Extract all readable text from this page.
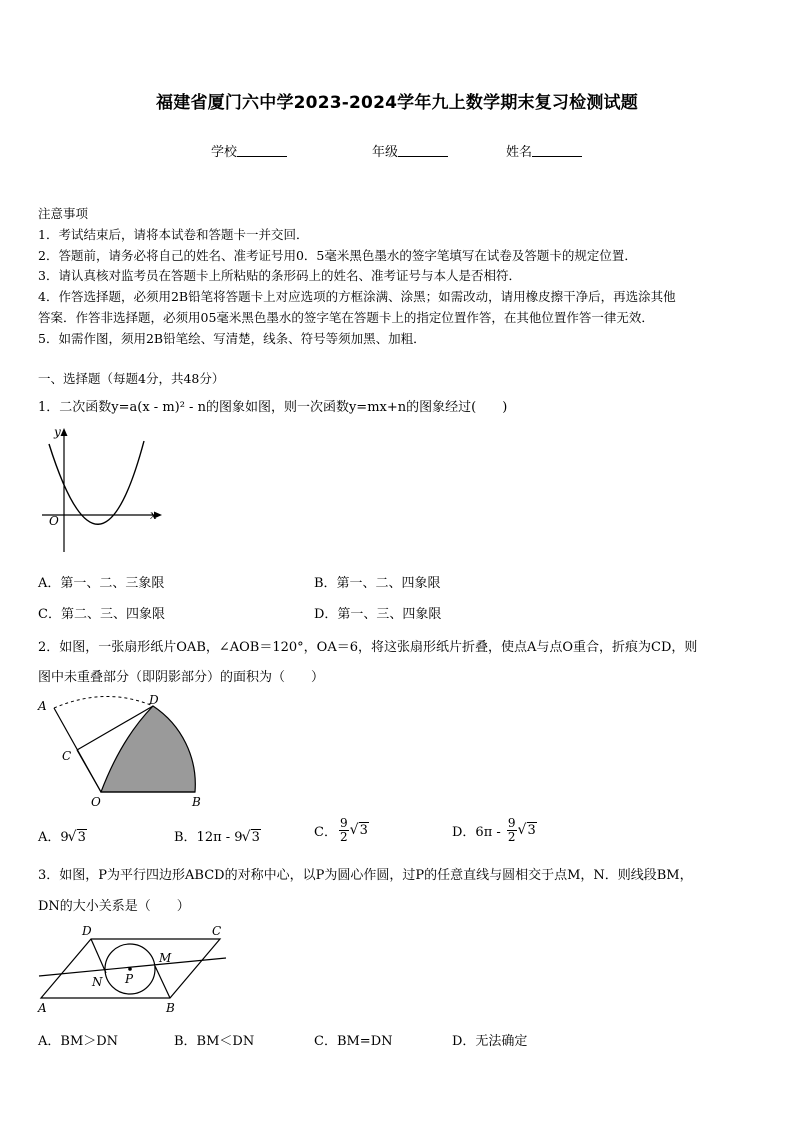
福建省厦门六中学2023-2024学年九上数学期末复习检测试题
学校	年级	姓名
注意事项
1．考试结束后，请将本试卷和答题卡一并交回．
2．答题前，请务必将自己的姓名、准考证号用0．5毫米黑色墨水的签字笔填写在试卷及答题卡的规定位置．
3．请认真核对监考员在答题卡上所粘贴的条形码上的姓名、准考证号与本人是否相符．
4．作答选择题，必须用2B铅笔将答题卡上对应选项的方框涂满、涂黑；如需改动，请用橡皮擦干净后，再选涂其他
答案．作答非选择题，必须用05毫米黑色墨水的签字笔在答题卡上的指定位置作答，在其他位置作答一律无效．
5．如需作图，须用2B铅笔绘、写清楚，线条、符号等须加黑、加粗．
一、选择题（每题4分，共48分）
1．二次函数y=a(x - m)² - n的图象如图，则一次函数y=mx+n的图象经过(　　)
y
x
O
A．第一、二、三象限	B．第一、二、四象限
C．第二、三、四象限	D．第一、三、四象限
2．如图，一张扇形纸片OAB，∠AOB＝120°，OA＝6，将这张扇形纸片折叠，使点A与点O重合，折痕为CD，则
图中未重叠部分（即阴影部分）的面积为（　　）
A	D
C
O	B
A．9 √ 3	B．12π - 9 √ 3	C． $\frac{9}{2}$ √ 3	D．$6\pi - \frac{9}{2}$ √ 3
3．如图，P为平行四边形ABCD的对称中心，以P为圆心作圆，过P的任意直线与圆相交于点M，N．则线段BM，
DN的大小关系是（　　）
D	C
A	B
M
N P
A．BM＞DN	B．BM＜DN	C．BM=DN	D．无法确定
